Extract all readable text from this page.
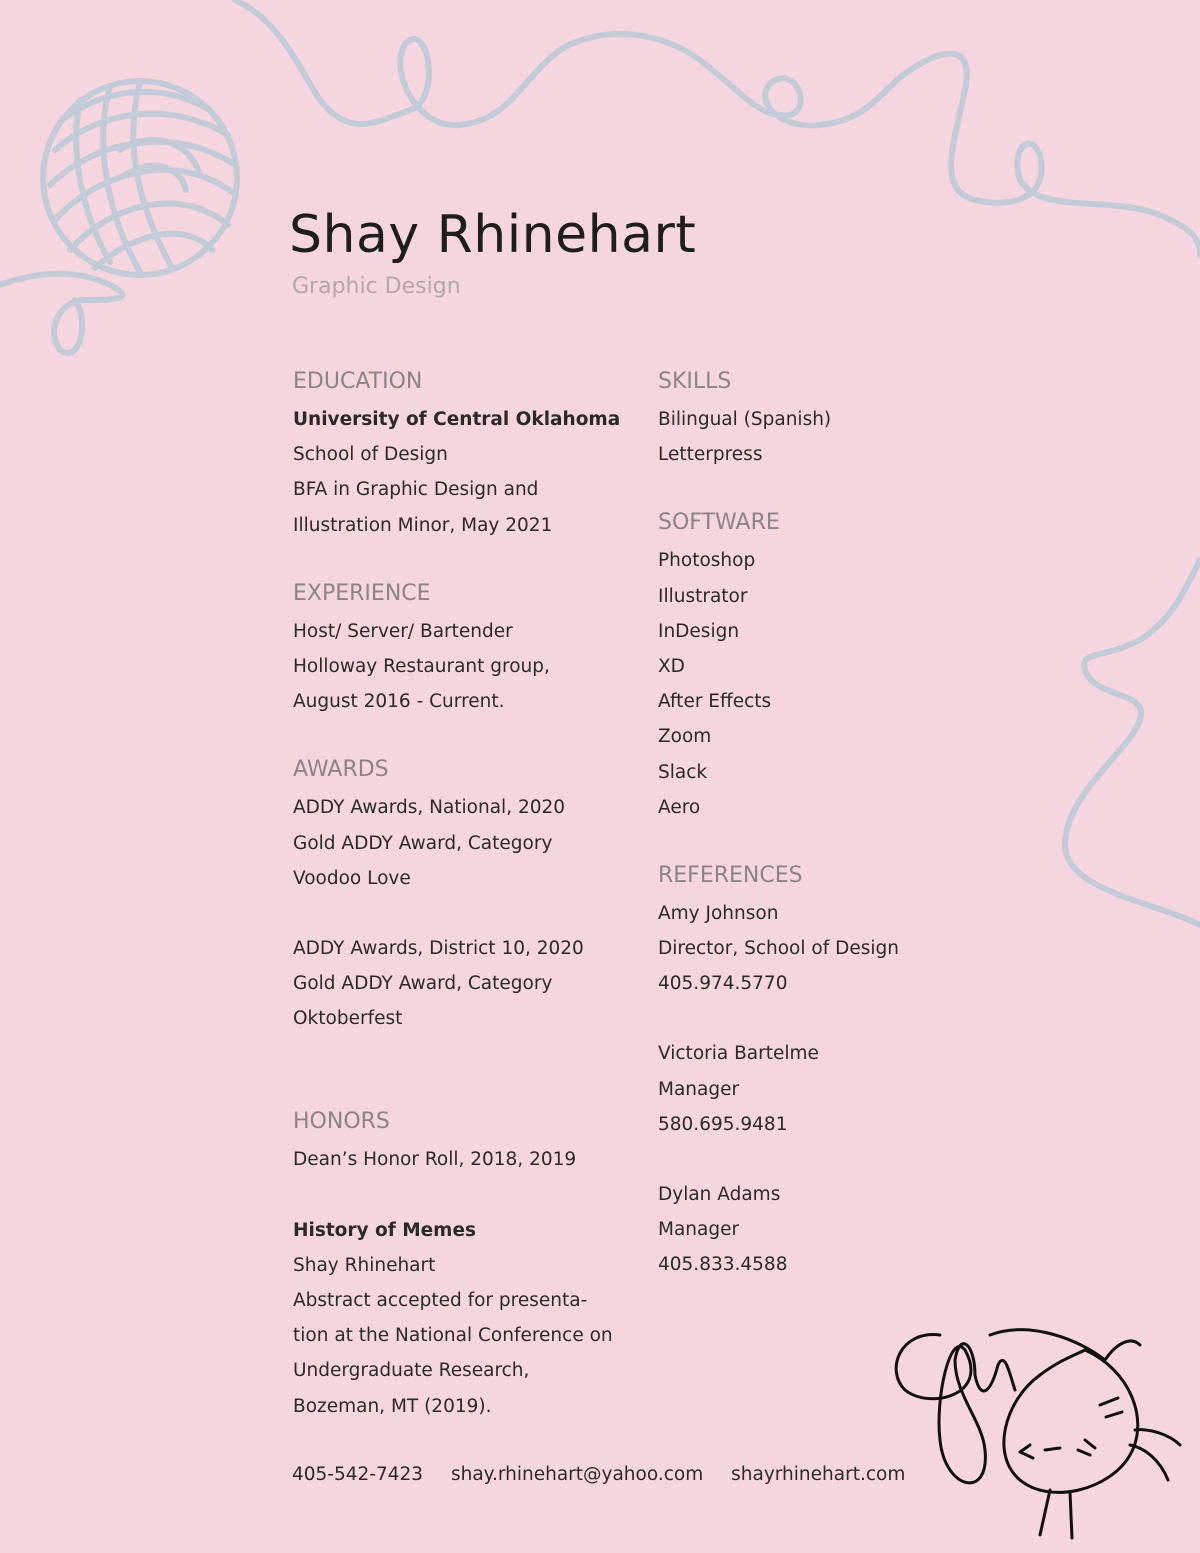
Shay Rhinehart

Graphic Design

EDUCATION
University of Central Oklahoma
School of Design
BFA in Graphic Design and
Illustration Minor, May 2021
EXPERIENCE
Host/ Server/ Bartender
Holloway Restaurant group,
August 2016 - Current.
AWARDS
ADDY Awards, National, 2020
Gold ADDY Award, Category
Voodoo Love
ADDY Awards, District 10, 2020
Gold ADDY Award, Category
Oktoberfest
HONORS
Dean’s Honor Roll, 2018, 2019
History of Memes
Shay Rhinehart
Abstract accepted for presenta-
tion at the National Conference on
Undergraduate Research,
Bozeman, MT (2019).
SKILLS
Bilingual (Spanish)
Letterpress
SOFTWARE
Photoshop
Illustrator
InDesign
XD
After Effects
Zoom
Slack
Aero
REFERENCES
Amy Johnson
Director, School of Design
405.974.5770
Victoria Bartelme
Manager
580.695.9481
Dylan Adams
Manager
405.833.4588
405-542-7423 shay.rhinehart@yahoo.com shayrhinehart.com
